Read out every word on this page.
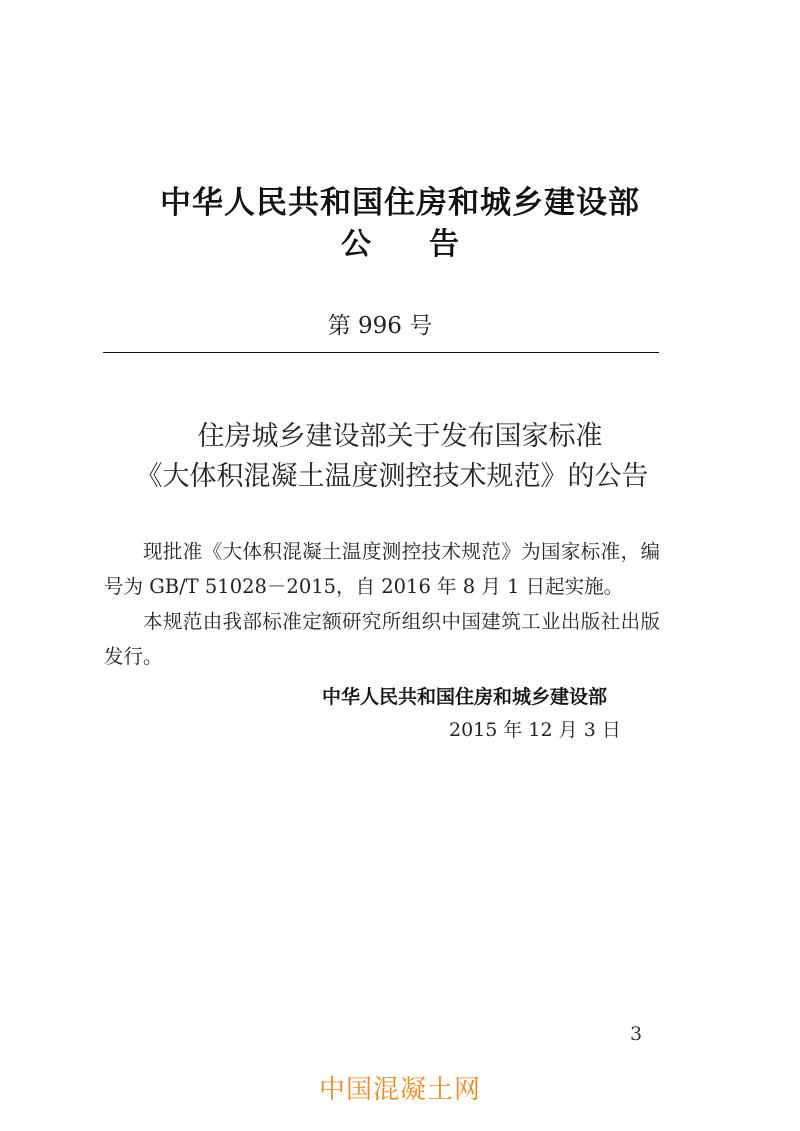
中华人民共和国住房和城乡建设部
公 告
第 996 号
住房城乡建设部关于发布国家标准
《大体积混凝土温度测控技术规范》的公告

现批准《大体积混凝土温度测控技术规范》为国家标准，编号为 GB/T 51028－2015，自 2016 年 8 月 1 日起实施。

本规范由我部标准定额研究所组织中国建筑工业出版社出版发行。

中华人民共和国住房和城乡建设部
2015 年 12 月 3 日
3
中国混凝土网
